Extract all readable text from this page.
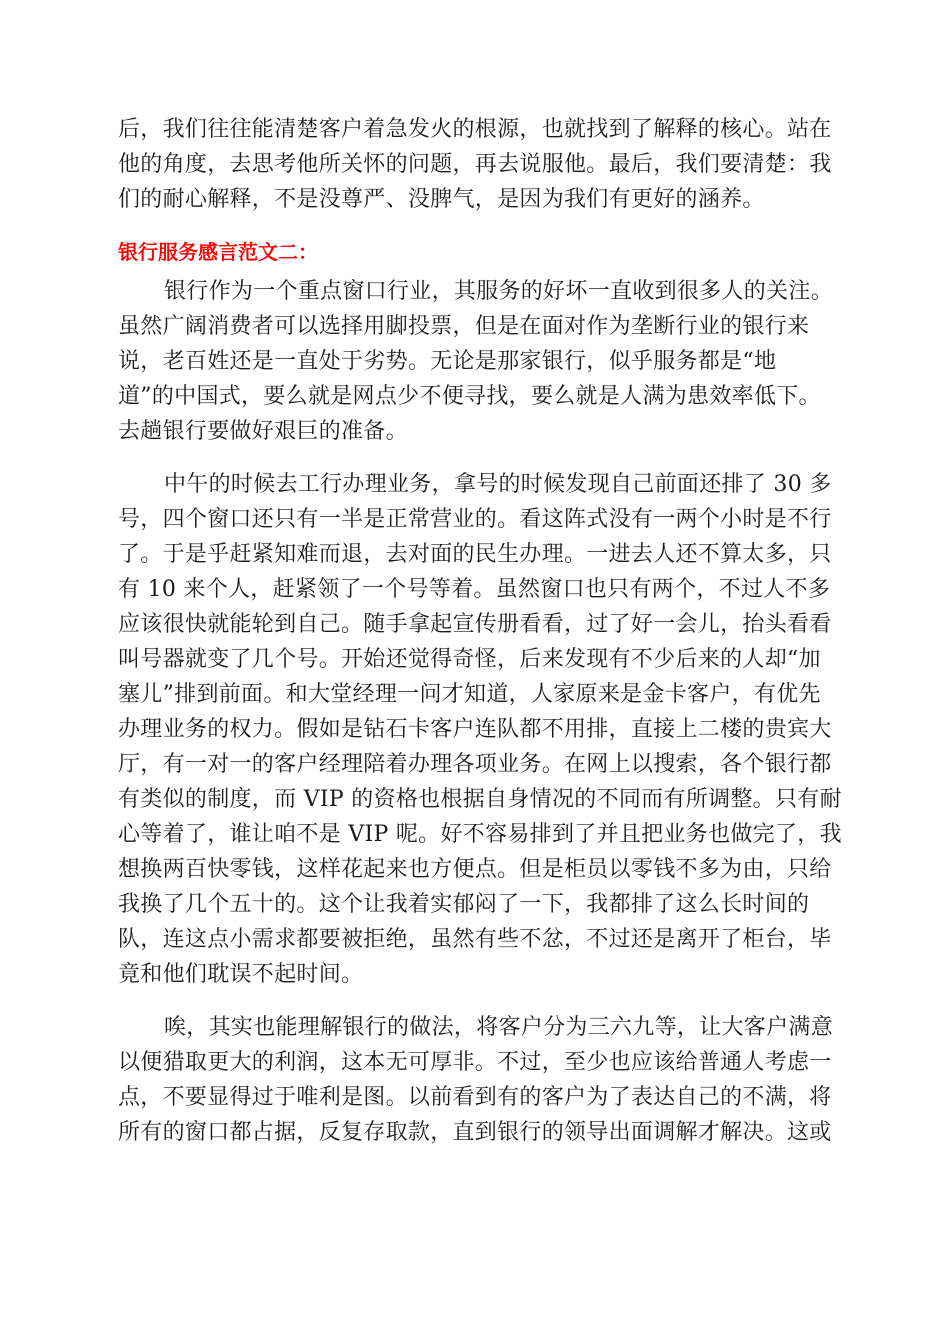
后，我们往往能清楚客户着急发火的根源，也就找到了解释的核心。站在
他的角度，去思考他所关怀的问题，再去说服他。最后，我们要清楚：我
们的耐心解释，不是没尊严、没脾气，是因为我们有更好的涵养。
银行服务感言范文二：
银行作为一个重点窗口行业，其服务的好坏一直收到很多人的关注。
虽然广阔消费者可以选择用脚投票，但是在面对作为垄断行业的银行来
说，老百姓还是一直处于劣势。无论是那家银行，似乎服务都是“地
道”的中国式，要么就是网点少不便寻找，要么就是人满为患效率低下。
去趟银行要做好艰巨的准备。
中午的时候去工行办理业务，拿号的时候发现自己前面还排了 30 多
号，四个窗口还只有一半是正常营业的。看这阵式没有一两个小时是不行
了。于是乎赶紧知难而退，去对面的民生办理。一进去人还不算太多，只
有 10 来个人，赶紧领了一个号等着。虽然窗口也只有两个，不过人不多
应该很快就能轮到自己。随手拿起宣传册看看，过了好一会儿，抬头看看
叫号器就变了几个号。开始还觉得奇怪，后来发现有不少后来的人却“加
塞儿”排到前面。和大堂经理一问才知道，人家原来是金卡客户，有优先
办理业务的权力。假如是钻石卡客户连队都不用排，直接上二楼的贵宾大
厅，有一对一的客户经理陪着办理各项业务。在网上以搜索，各个银行都
有类似的制度，而 VIP 的资格也根据自身情况的不同而有所调整。只有耐
心等着了，谁让咱不是 VIP 呢。好不容易排到了并且把业务也做完了，我
想换两百快零钱，这样花起来也方便点。但是柜员以零钱不多为由，只给
我换了几个五十的。这个让我着实郁闷了一下，我都排了这么长时间的
队，连这点小需求都要被拒绝，虽然有些不忿，不过还是离开了柜台，毕
竟和他们耽误不起时间。
唉，其实也能理解银行的做法，将客户分为三六九等，让大客户满意
以便猎取更大的利润，这本无可厚非。不过，至少也应该给普通人考虑一
点，不要显得过于唯利是图。以前看到有的客户为了表达自己的不满，将
所有的窗口都占据，反复存取款，直到银行的领导出面调解才解决。这或
